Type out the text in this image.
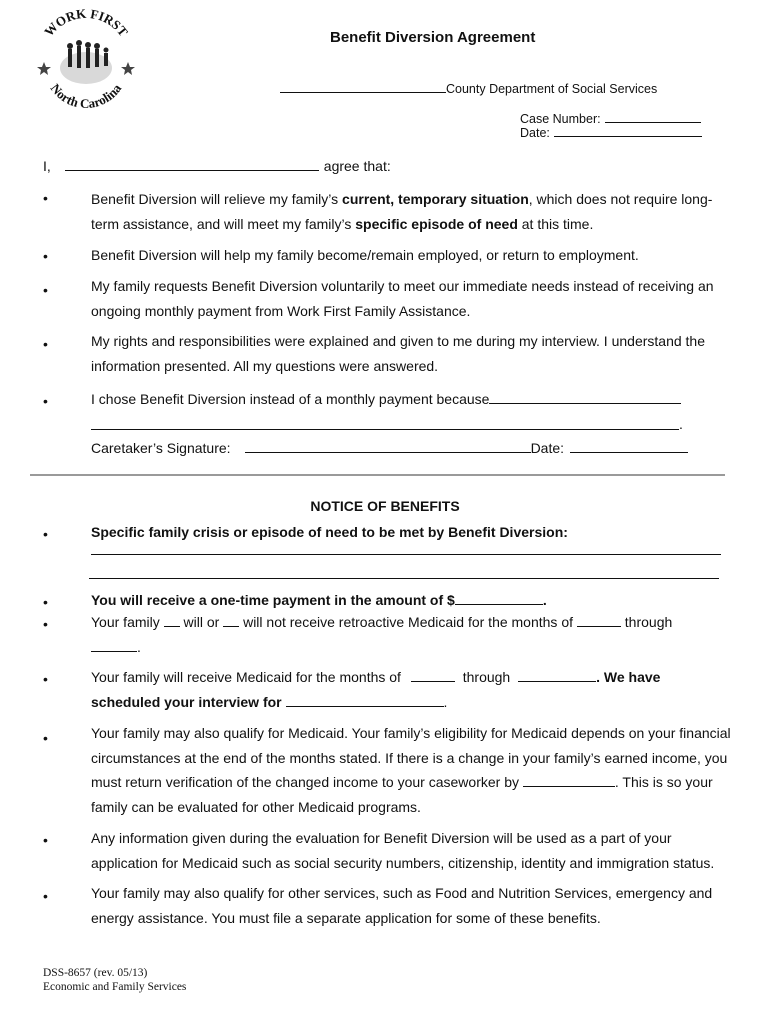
WORK FIRST
North Carolina
Benefit Diversion Agreement
County Department of Social Services
Case Number:
Date:
I,	agree that:
•	Benefit Diversion will relieve my family’s current, temporary situation, which does not require long-term assistance, and will meet my family’s specific episode of need at this time.
•	Benefit Diversion will help my family become/remain employed, or return to employment.
•	My family requests Benefit Diversion voluntarily to meet our immediate needs instead of receiving an ongoing monthly payment from Work First Family Assistance.
•	My rights and responsibilities were explained and given to me during my interview. I understand the information presented. All my questions were answered.
•	I chose Benefit Diversion instead of a monthly payment because
.
Caretaker’s Signature:	Date:
NOTICE OF BENEFITS
•	Specific family crisis or episode of need to be met by Benefit Diversion:
•	You will receive a one-time payment in the amount of $	.
•	Your family  will or  will not receive retroactive Medicaid for the months of	through
.
•	Your family will receive Medicaid for the months of	through	. We have scheduled your interview for	.
•	Your family may also qualify for Medicaid. Your family’s eligibility for Medicaid depends on your financial circumstances at the end of the months stated. If there is a change in your family’s earned income, you must return verification of the changed income to your caseworker by	. This is so your family can be evaluated for other Medicaid programs.
•	Any information given during the evaluation for Benefit Diversion will be used as a part of your application for Medicaid such as social security numbers, citizenship, identity and immigration status.
•	Your family may also qualify for other services, such as Food and Nutrition Services, emergency and energy assistance. You must file a separate application for some of these benefits.
DSS-8657 (rev. 05/13)
Economic and Family Services
